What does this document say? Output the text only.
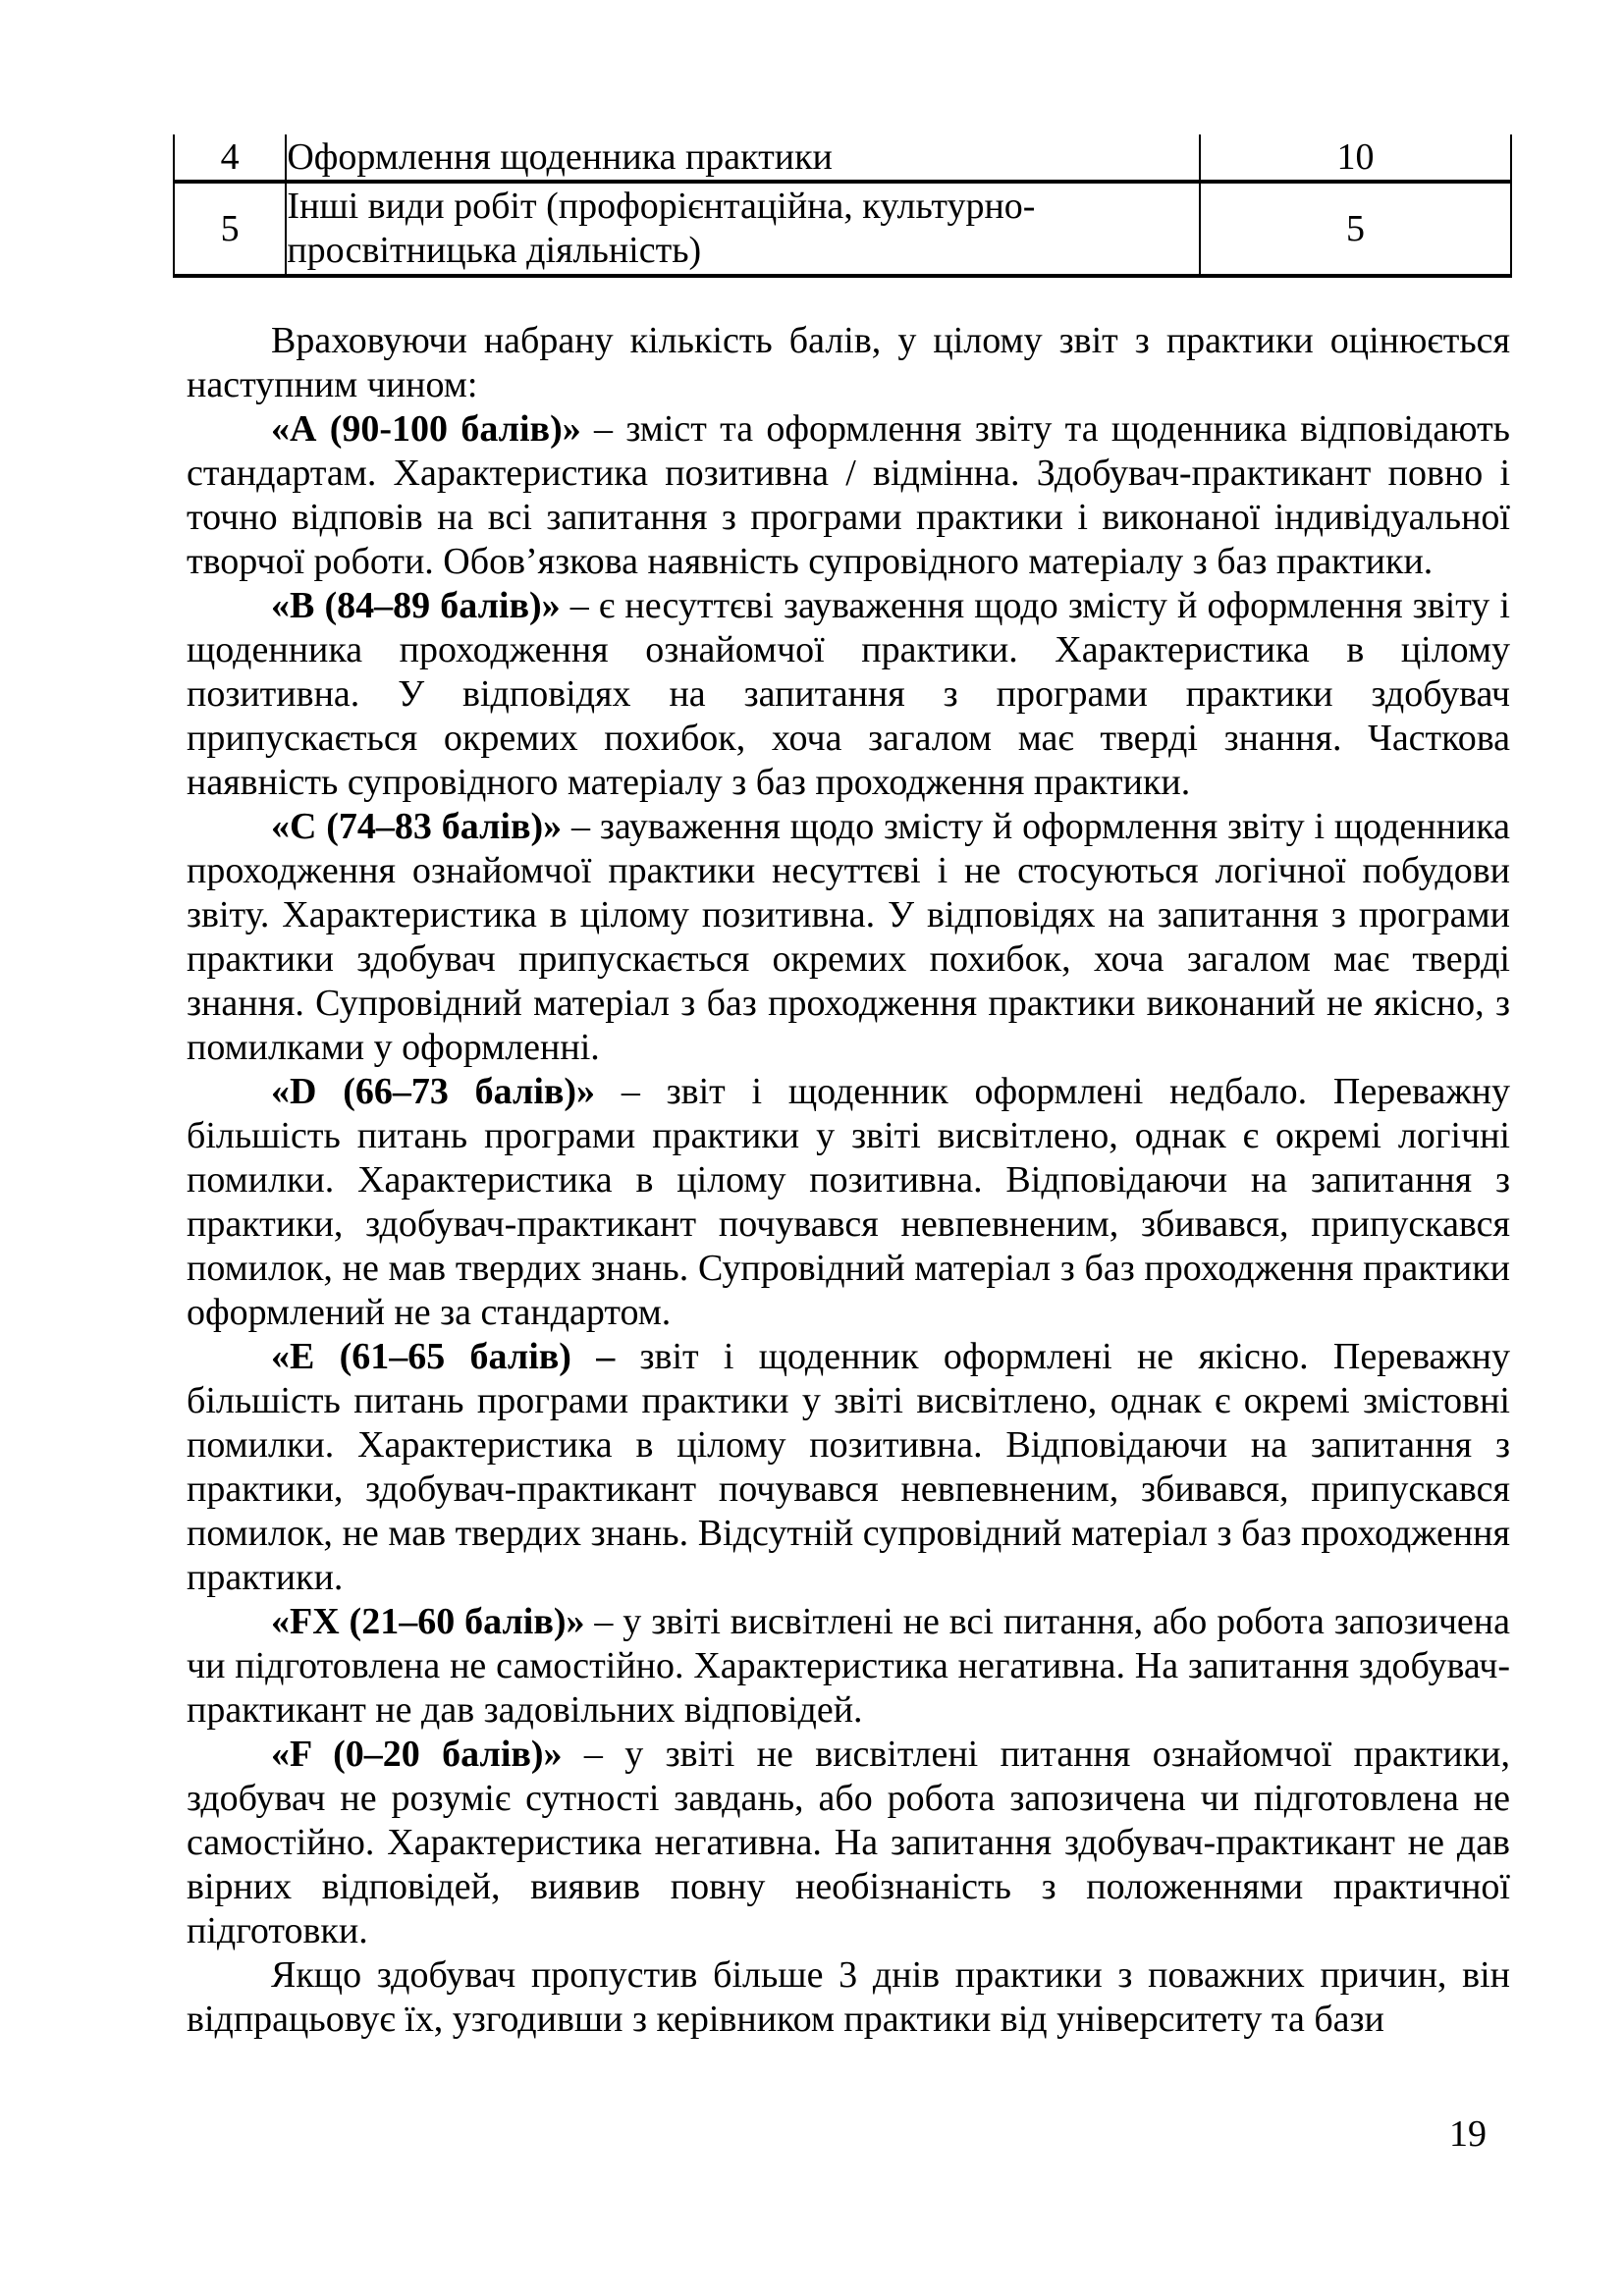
4	Оформлення щоденника практики	10
5	Інші види робіт (профорієнтаційна, культурно-просвітницька діяльність)	5

Враховуючи набрану кількість балів, у цілому звіт з практики оцінюється наступним чином:

«А (90-100 балів)» – зміст та оформлення звіту та щоденника відповідають стандартам. Характеристика позитивна / відмінна. Здобувач-практикант повно і точно відповів на всі запитання з програми практики і виконаної індивідуальної творчої роботи. Обов’язкова наявність супровідного матеріалу з баз практики.

«В (84–89 балів)» – є несуттєві зауваження щодо змісту й оформлення звіту і щоденника проходження ознайомчої практики. Характеристика в цілому позитивна. У відповідях на запитання з програми практики здобувач припускається окремих похибок, хоча загалом має тверді знання. Часткова наявність супровідного матеріалу з баз проходження практики.

«С (74–83 балів)» – зауваження щодо змісту й оформлення звіту і щоденника проходження ознайомчої практики несуттєві і не стосуються логічної побудови звіту. Характеристика в цілому позитивна. У відповідях на запитання з програми практики здобувач припускається окремих похибок, хоча загалом має тверді знання. Супровідний матеріал з баз проходження практики виконаний не якісно, з помилками у оформленні.

«D (66–73 балів)» – звіт і щоденник оформлені недбало. Переважну більшість питань програми практики у звіті висвітлено, однак є окремі логічні помилки. Характеристика в цілому позитивна. Відповідаючи на запитання з практики, здобувач-практикант почувався невпевненим, збивався, припускався помилок, не мав твердих знань. Супровідний матеріал з баз проходження практики оформлений не за стандартом.

«Е (61–65 балів) – звіт і щоденник оформлені не якісно. Переважну більшість питань програми практики у звіті висвітлено, однак є окремі змістовні помилки. Характеристика в цілому позитивна. Відповідаючи на запитання з практики, здобувач-практикант почувався невпевненим, збивався, припускався помилок, не мав твердих знань. Відсутній супровідний матеріал з баз проходження практики.

«FX (21–60 балів)» – у звіті висвітлені не всі питання, або робота запозичена чи підготовлена не самостійно. Характеристика негативна. На запитання здобувач-практикант не дав задовільних відповідей.

«F (0–20 балів)» – у звіті не висвітлені питання ознайомчої практики, здобувач не розуміє сутності завдань, або робота запозичена чи підготовлена не самостійно. Характеристика негативна. На запитання здобувач-практикант не дав вірних відповідей, виявив повну необізнаність з положеннями практичної підготовки.

Якщо здобувач пропустив більше 3 днів практики з поважних причин, він відпрацьовує їх, узгодивши з керівником практики від університету та бази

19
